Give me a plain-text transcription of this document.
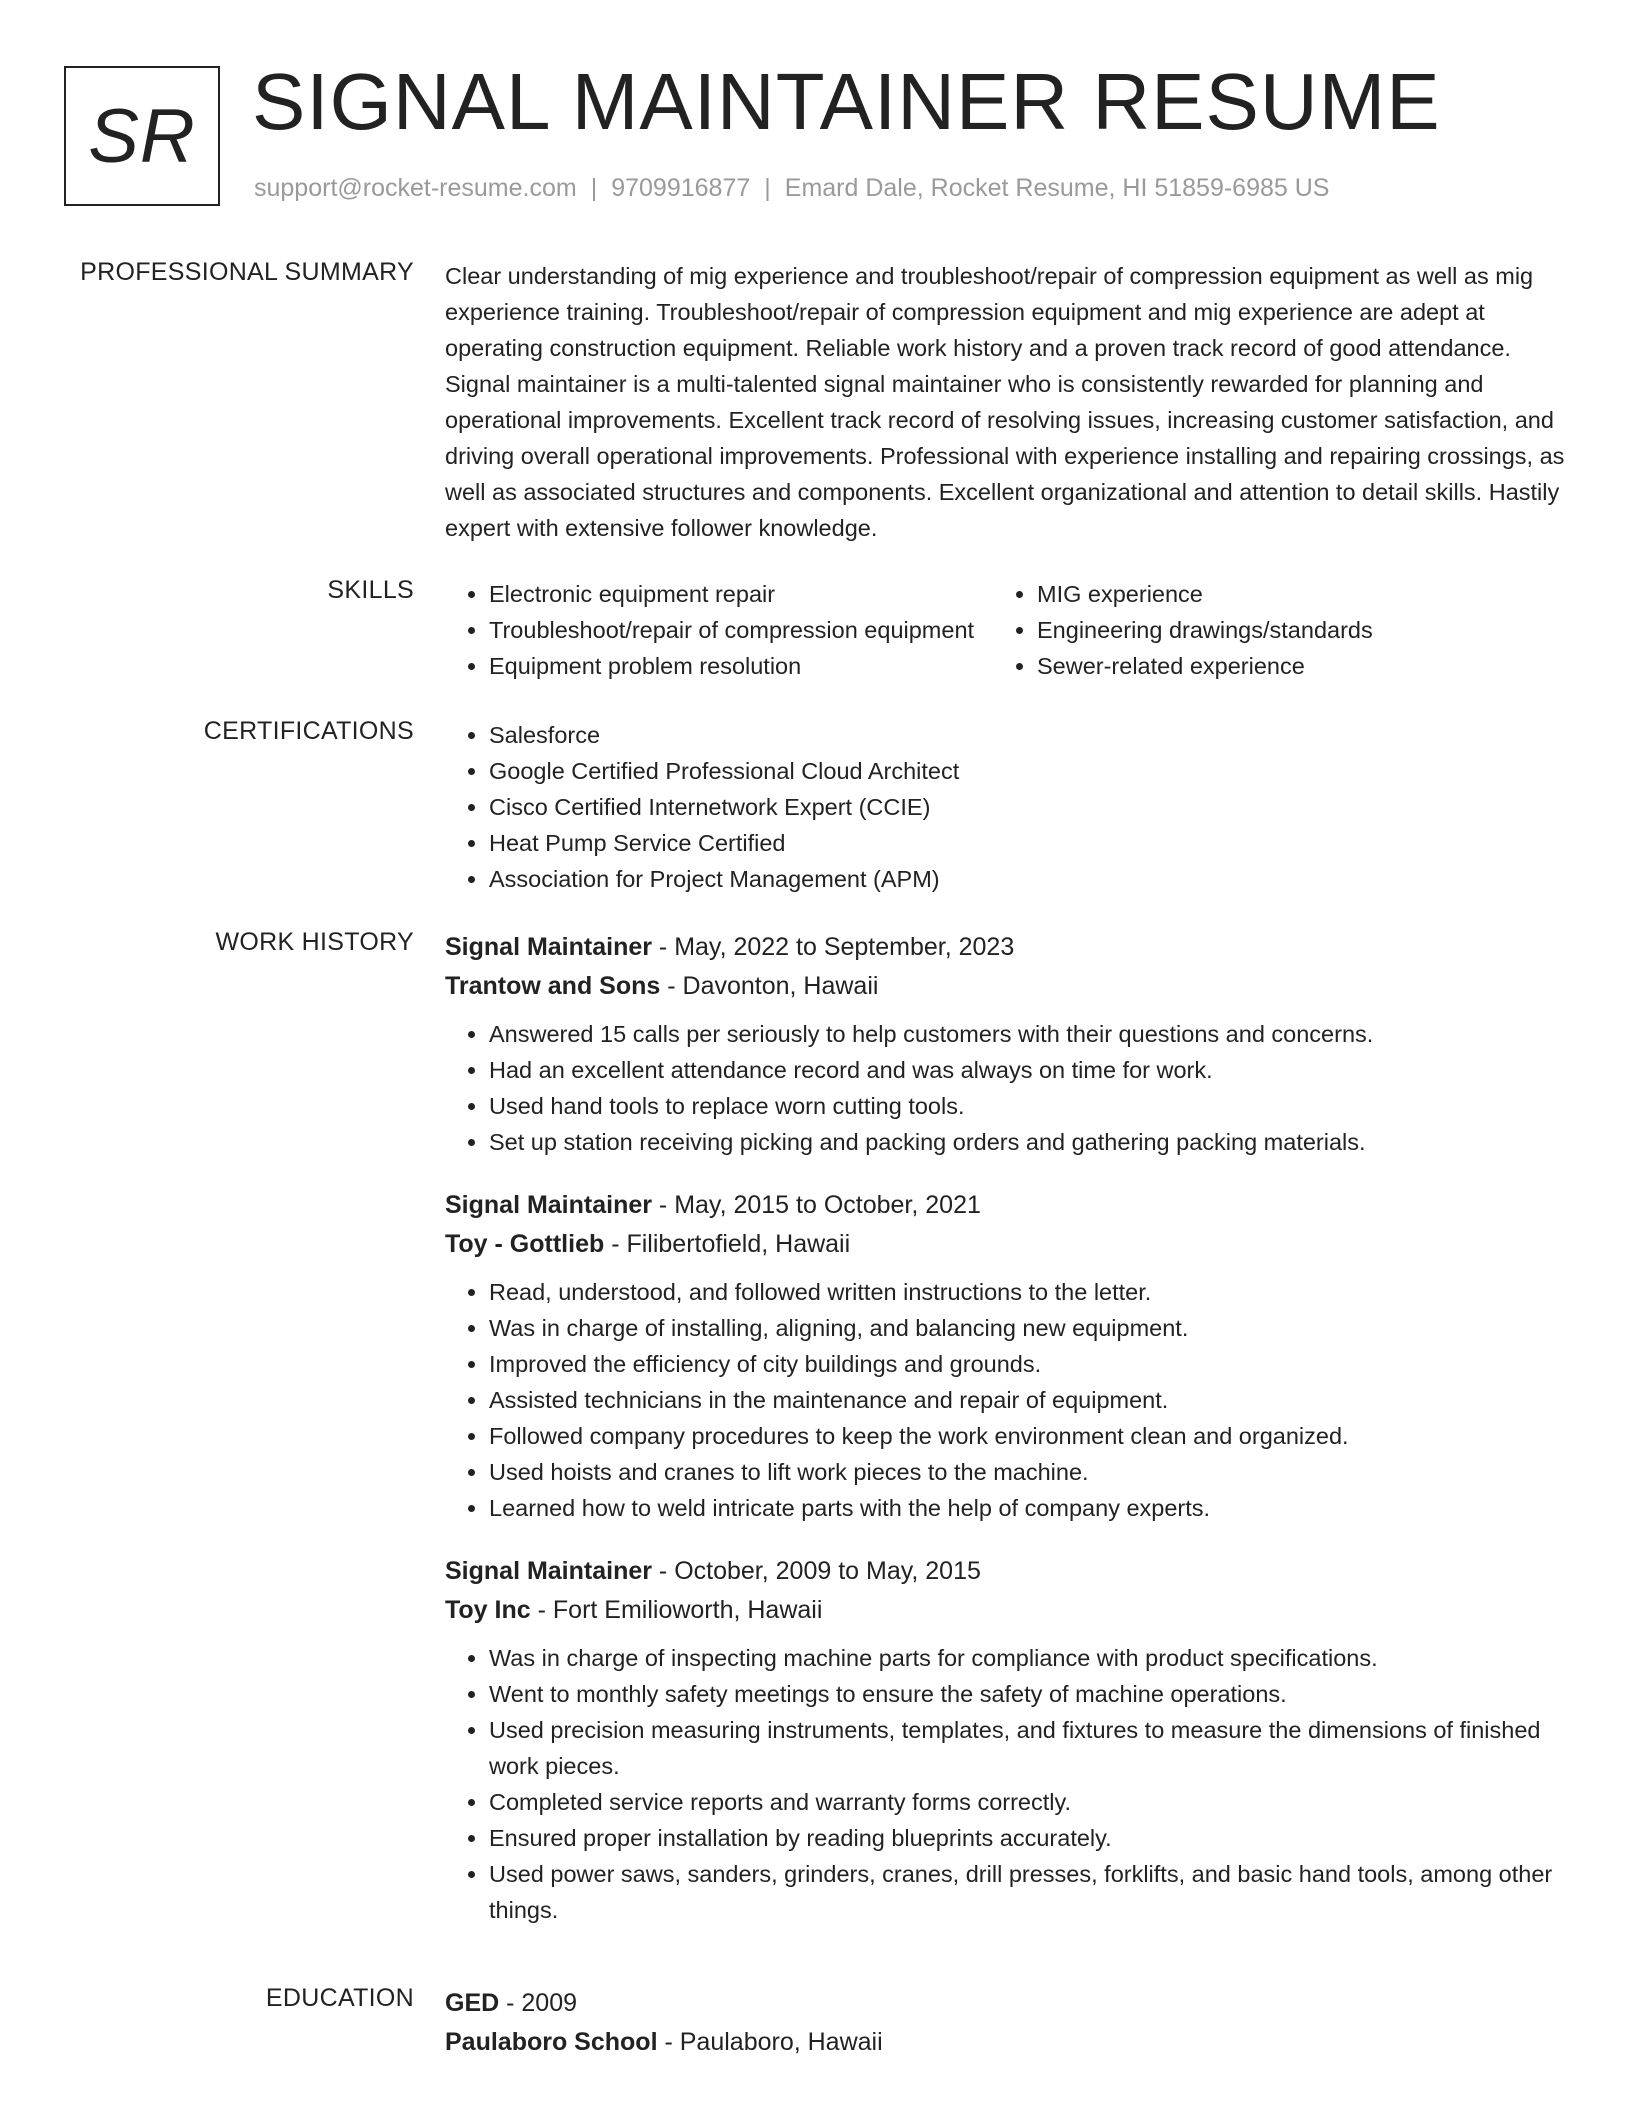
SR SIGNAL MAINTAINER RESUME
support@rocket-resume.com | 9709916877 | Emard Dale, Rocket Resume, HI 51859-6985 US
PROFESSIONAL SUMMARY Clear understanding of mig experience and troubleshoot/repair of compression equipment as well as mig experience training. Troubleshoot/repair of compression equipment and mig experience are adept at operating construction equipment. Reliable work history and a proven track record of good attendance. Signal maintainer is a multi-talented signal maintainer who is consistently rewarded for planning and operational improvements. Excellent track record of resolving issues, increasing customer satisfaction, and driving overall operational improvements. Professional with experience installing and repairing crossings, as well as associated structures and components. Excellent organizational and attention to detail skills. Hastily expert with extensive follower knowledge.

SKILLS	• Electronic equipment repair
• Troubleshoot/repair of compression equipment
• Equipment problem resolution
• MIG experience
• Engineering drawings/standards
• Sewer-related experience
CERTIFICATIONS	• Salesforce
• Google Certified Professional Cloud Architect
• Cisco Certified Internetwork Expert (CCIE)
• Heat Pump Service Certified
• Association for Project Management (APM)
WORK HISTORY Signal Maintainer - May, 2022 to September, 2023
Trantow and Sons - Davonton, Hawaii
• Answered 15 calls per seriously to help customers with their questions and concerns.
• Had an excellent attendance record and was always on time for work.
• Used hand tools to replace worn cutting tools.
• Set up station receiving picking and packing orders and gathering packing materials.
Signal Maintainer - May, 2015 to October, 2021
Toy - Gottlieb - Filibertofield, Hawaii
• Read, understood, and followed written instructions to the letter.
• Was in charge of installing, aligning, and balancing new equipment.
• Improved the efficiency of city buildings and grounds.
• Assisted technicians in the maintenance and repair of equipment.
• Followed company procedures to keep the work environment clean and organized.
• Used hoists and cranes to lift work pieces to the machine.
• Learned how to weld intricate parts with the help of company experts.
Signal Maintainer - October, 2009 to May, 2015
Toy Inc - Fort Emilioworth, Hawaii
• Was in charge of inspecting machine parts for compliance with product specifications.
• Went to monthly safety meetings to ensure the safety of machine operations.
• Used precision measuring instruments, templates, and fixtures to measure the dimensions of finished work pieces.
• Completed service reports and warranty forms correctly.
• Ensured proper installation by reading blueprints accurately.
• Used power saws, sanders, grinders, cranes, drill presses, forklifts, and basic hand tools, among other things.
EDUCATION GED - 2009
Paulaboro School - Paulaboro, Hawaii
